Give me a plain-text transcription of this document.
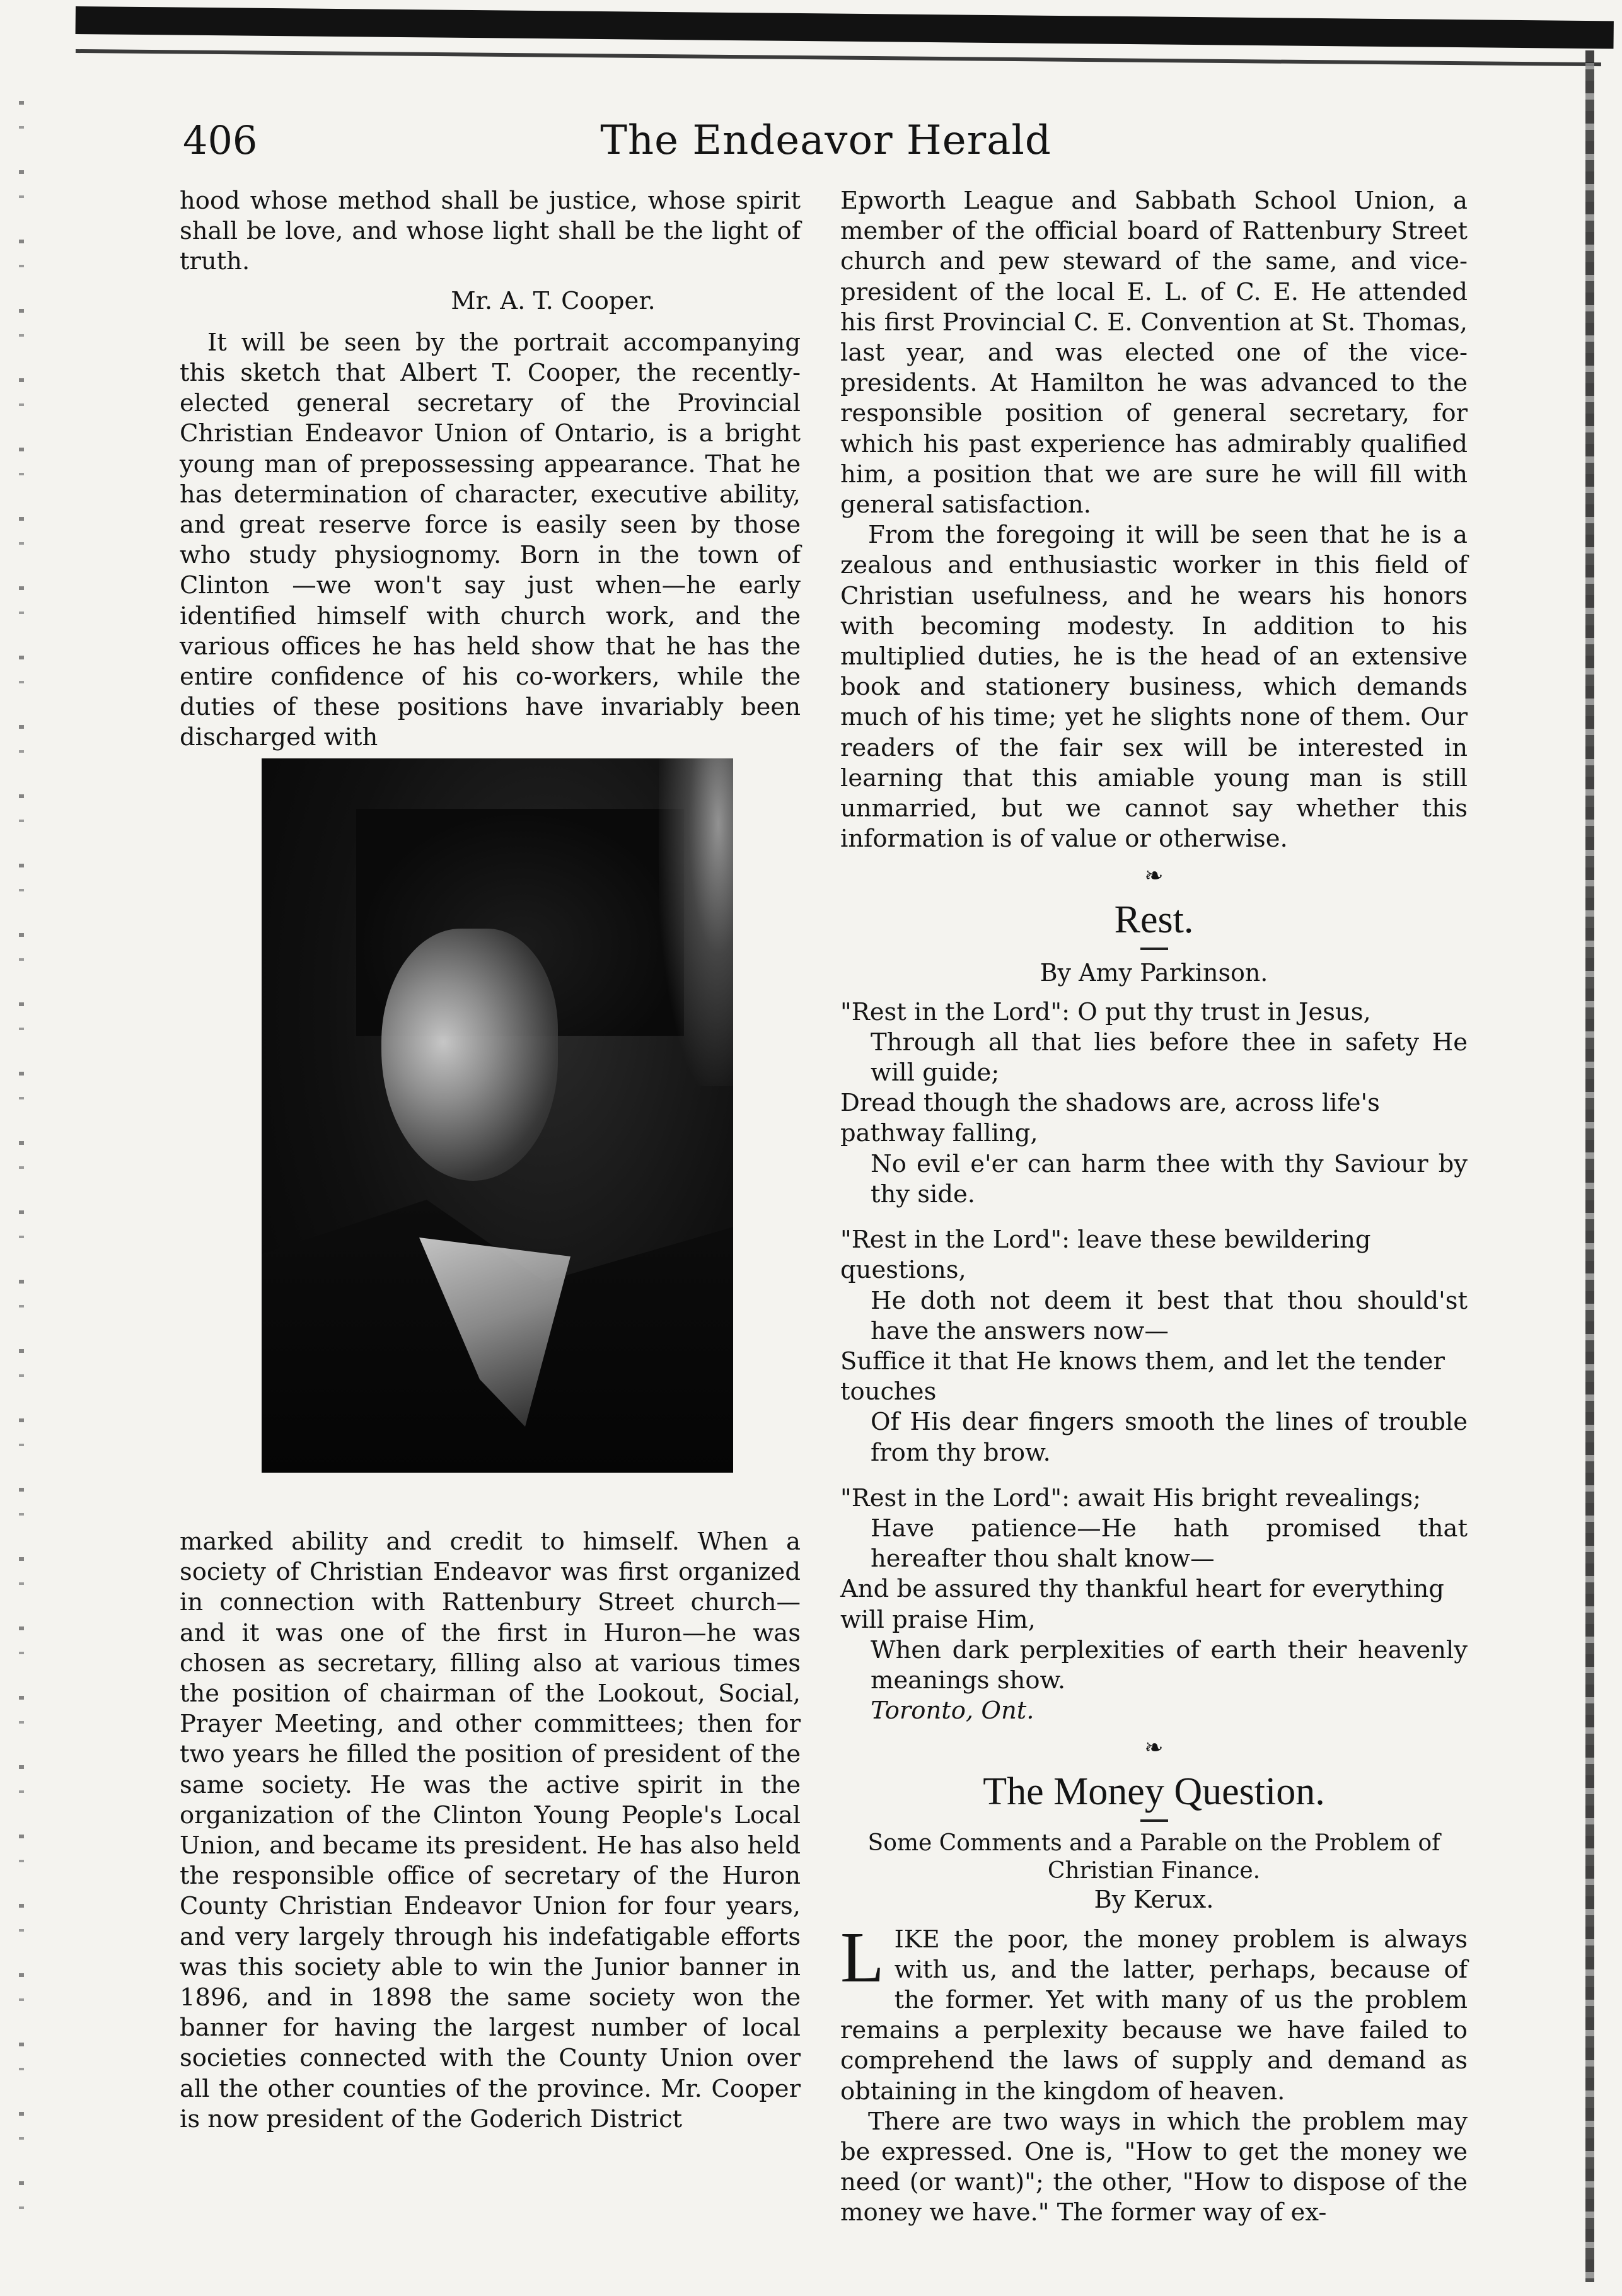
406	The Endeavor Herald

hood whose method shall be justice, whose spirit shall be love, and whose light shall be the light of truth.

Mr. A. T. Cooper.

It will be seen by the portrait accompanying this sketch that Albert T. Cooper, the recently-elected general secretary of the Provincial Christian Endeavor Union of Ontario, is a bright young man of prepossessing appearance. That he has determination of character, executive ability, and great reserve force is easily seen by those who study physiognomy. Born in the town of Clinton —we won't say just when—he early identified himself with church work, and the various offices he has held show that he has the entire confidence of his co-workers, while the duties of these positions have invariably been discharged with

marked ability and credit to himself. When a society of Christian Endeavor was first organized in connection with Rattenbury Street church—and it was one of the first in Huron—he was chosen as secretary, filling also at various times the position of chairman of the Lookout, Social, Prayer Meeting, and other committees; then for two years he filled the position of president of the same society. He was the active spirit in the organization of the Clinton Young People's Local Union, and became its president. He has also held the responsible office of secretary of the Huron County Christian Endeavor Union for four years, and very largely through his indefatigable efforts was this society able to win the Junior banner in 1896, and in 1898 the same society won the banner for having the largest number of local societies connected with the County Union over all the other counties of the province. Mr. Cooper is now president of the Goderich District

Epworth League and Sabbath School Union, a member of the official board of Rattenbury Street church and pew steward of the same, and vice-president of the local E. L. of C. E. He attended his first Provincial C. E. Convention at St. Thomas, last year, and was elected one of the vice-presidents. At Hamilton he was advanced to the responsible position of general secretary, for which his past experience has admirably qualified him, a position that we are sure he will fill with general satisfaction.

From the foregoing it will be seen that he is a zealous and enthusiastic worker in this field of Christian usefulness, and he wears his honors with becoming modesty. In addition to his multiplied duties, he is the head of an extensive book and stationery business, which demands much of his time; yet he slights none of them. Our readers of the fair sex will be interested in learning that this amiable young man is still unmarried, but we cannot say whether this information is of value or otherwise.

❧
Rest.

By Amy Parkinson.

"Rest in the Lord": O put thy trust in Jesus,

Through all that lies before thee in safety He will guide;

Dread though the shadows are, across life's pathway falling,

No evil e'er can harm thee with thy Saviour by thy side.

"Rest in the Lord": leave these bewildering questions,

He doth not deem it best that thou should'st have the answers now—

Suffice it that He knows them, and let the tender touches

Of His dear fingers smooth the lines of trouble from thy brow.

"Rest in the Lord": await His bright revealings;

Have patience—He hath promised that hereafter thou shalt know—

And be assured thy thankful heart for everything will praise Him,

When dark perplexities of earth their heavenly meanings show.

Toronto, Ont.

❧
The Money Question.

Some Comments and a Parable on the Problem of Christian Finance.

By Kerux.

LIKE the poor, the money problem is always with us, and the latter, perhaps, because of the former. Yet with many of us the problem remains a perplexity because we have failed to comprehend the laws of supply and demand as obtaining in the kingdom of heaven.

There are two ways in which the problem may be expressed. One is, "How to get the money we need (or want)"; the other, "How to dispose of the money we have." The former way of ex-
